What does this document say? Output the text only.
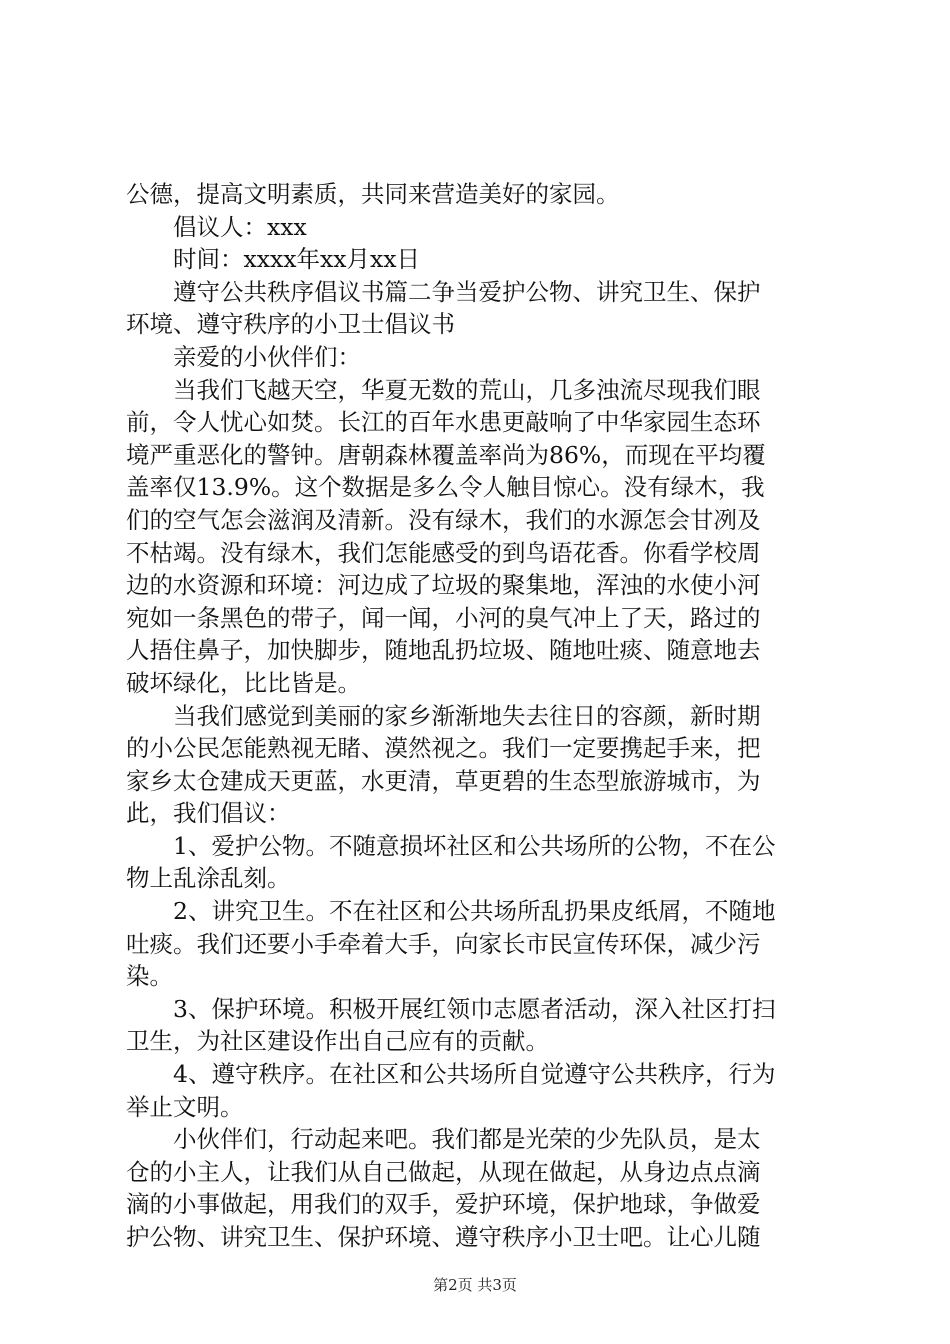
公德，提高文明素质，共同来营造美好的家园。
　　倡议人：xxx
　　时间：xxxx年xx月xx日
　　遵守公共秩序倡议书篇二争当爱护公物、讲究卫生、保护
环境、遵守秩序的小卫士倡议书
　　亲爱的小伙伴们：
　　当我们飞越天空，华夏无数的荒山，几多浊流尽现我们眼
前，令人忧心如焚。长江的百年水患更敲响了中华家园生态环
境严重恶化的警钟。唐朝森林覆盖率尚为86%，而现在平均覆
盖率仅13.9%。这个数据是多么令人触目惊心。没有绿木，我
们的空气怎会滋润及清新。没有绿木，我们的水源怎会甘冽及
不枯竭。没有绿木，我们怎能感受的到鸟语花香。你看学校周
边的水资源和环境：河边成了垃圾的聚集地，浑浊的水使小河
宛如一条黑色的带子，闻一闻，小河的臭气冲上了天，路过的
人捂住鼻子，加快脚步，随地乱扔垃圾、随地吐痰、随意地去
破坏绿化，比比皆是。
　　当我们感觉到美丽的家乡渐渐地失去往日的容颜，新时期
的小公民怎能熟视无睹、漠然视之。我们一定要携起手来，把
家乡太仓建成天更蓝，水更清，草更碧的生态型旅游城市，为
此，我们倡议：
　　1、爱护公物。不随意损坏社区和公共场所的公物，不在公
物上乱涂乱刻。
　　2、讲究卫生。不在社区和公共场所乱扔果皮纸屑，不随地
吐痰。我们还要小手牵着大手，向家长市民宣传环保，减少污
染。
　　3、保护环境。积极开展红领巾志愿者活动，深入社区打扫
卫生，为社区建设作出自己应有的贡献。
　　4、遵守秩序。在社区和公共场所自觉遵守公共秩序，行为
举止文明。
　　小伙伴们，行动起来吧。我们都是光荣的少先队员，是太
仓的小主人，让我们从自己做起，从现在做起，从身边点点滴
滴的小事做起，用我们的双手，爱护环境，保护地球，争做爱
护公物、讲究卫生、保护环境、遵守秩序小卫士吧。让心儿随
第2页 共3页
